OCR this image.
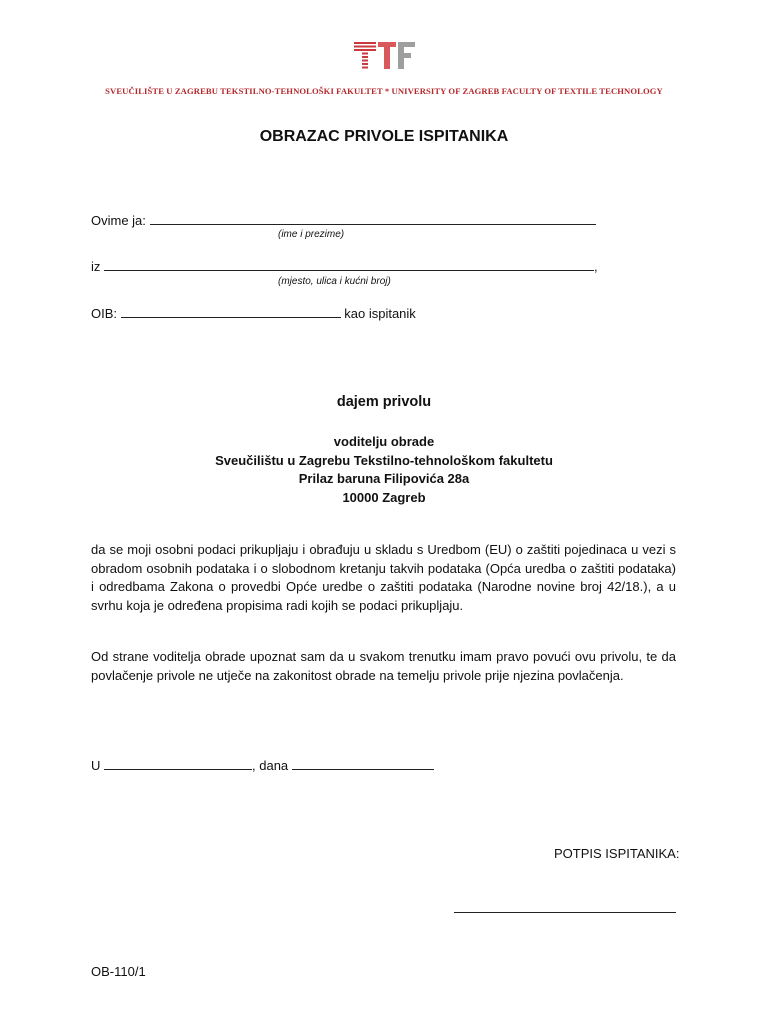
SVEUČILIŠTE U ZAGREBU TEKSTILNO-TEHNOLOŠKI FAKULTET * UNIVERSITY OF ZAGREB FACULTY OF TEXTILE TECHNOLOGY
OBRAZAC PRIVOLE ISPITANIKA
Ovime ja:
(ime i prezime)
iz	,
(mjesto, ulica i kućni broj)
OIB:	kao ispitanik
dajem privolu
voditelju obrade
Sveučilištu u Zagrebu Tekstilno-tehnološkom fakultetu
Prilaz baruna Filipovića 28a
10000 Zagreb
da se moji osobni podaci prikupljaju i obrađuju u skladu s Uredbom (EU) o zaštiti pojedinaca u vezi s obradom osobnih podataka i o slobodnom kretanju takvih podataka (Opća uredba o zaštiti podataka) i odredbama Zakona o provedbi Opće uredbe o zaštiti podataka (Narodne novine broj 42/18.), a u svrhu koja je određena propisima radi kojih se podaci prikupljaju.
Od strane voditelja obrade upoznat sam da u svakom trenutku imam pravo povući ovu privolu, te da povlačenje privole ne utječe na zakonitost obrade na temelju privole prije njezina povlačenja.
U	, dana
POTPIS ISPITANIKA:
OB-110/1
